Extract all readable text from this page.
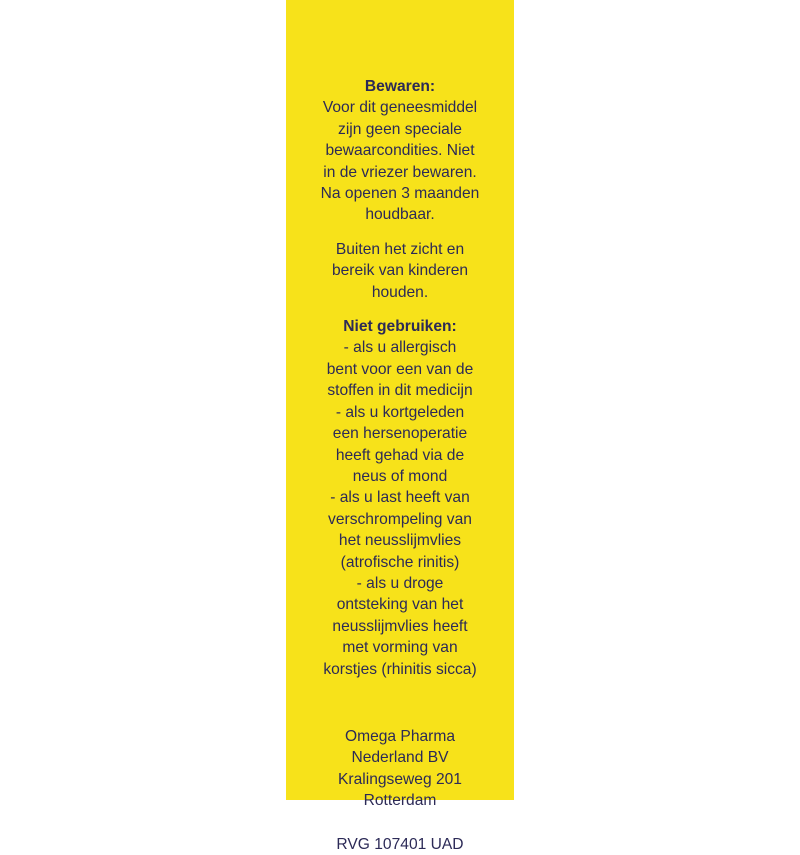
Bewaren:
Voor dit geneesmiddel
zijn geen speciale
bewaarcondities. Niet
in de vriezer bewaren.
Na openen 3 maanden
houdbaar.
Buiten het zicht en
bereik van kinderen
houden.
Niet gebruiken:
- als u allergisch
bent voor een van de
stoffen in dit medicijn
- als u kortgeleden
een hersenoperatie
heeft gehad via de
neus of mond
- als u last heeft van
verschrompeling van
het neusslijmvlies
(atrofische rinitis)
- als u droge
ontsteking van het
neusslijmvlies heeft
met vorming van
korstjes (rhinitis sicca)
Omega Pharma
Nederland BV
Kralingseweg 201
Rotterdam
RVG 107401 UAD
